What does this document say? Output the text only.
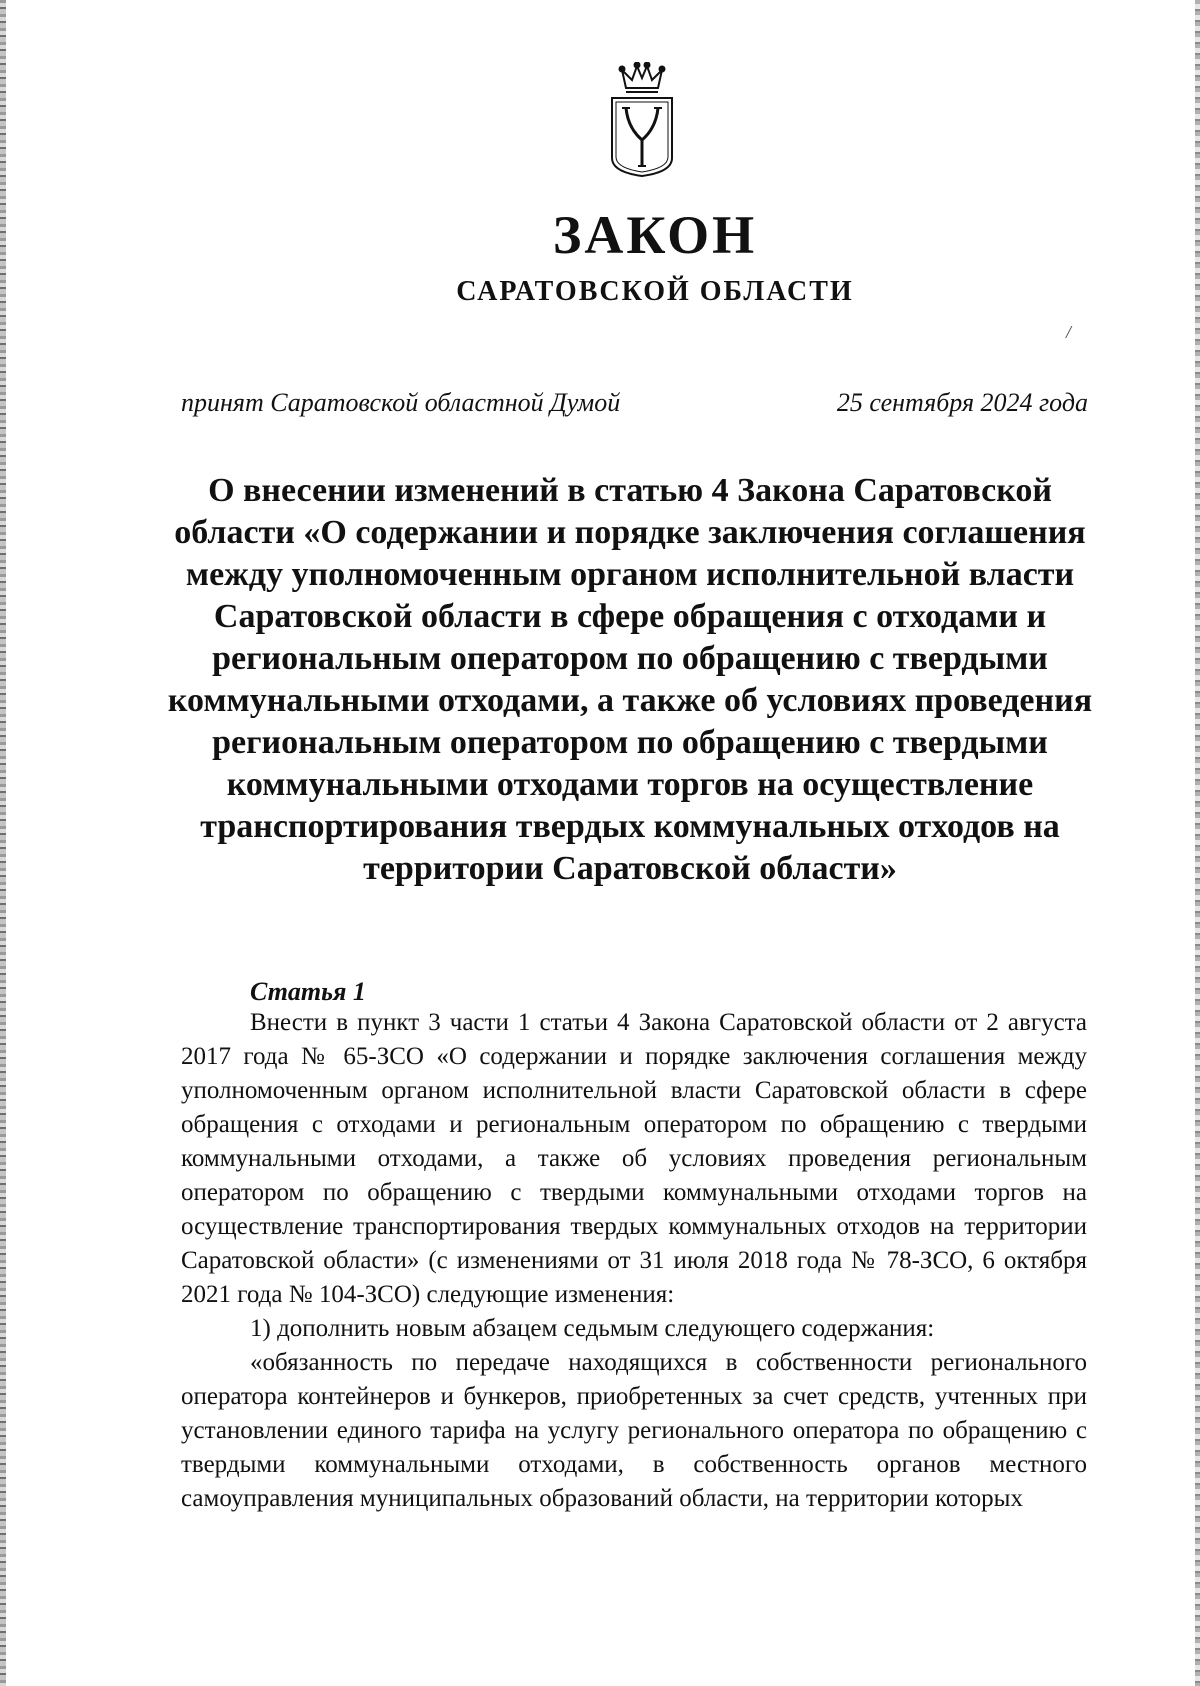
ЗАКОН
САРАТОВСКОЙ ОБЛАСТИ
/
принят Саратовской областной Думой	25 сентября 2024 года
О внесении изменений в статью 4 Закона Саратовской области «О содержании и порядке заключения соглашения между уполномоченным органом исполнительной власти Саратовской области в сфере обращения с отходами и региональным оператором по обращению с твердыми коммунальными отходами, а также об условиях проведения региональным оператором по обращению с твердыми коммунальными отходами торгов на осуществление транспортирования твердых коммунальных отходов на территории Саратовской области»
Статья 1

Внести в пункт 3 части 1 статьи 4 Закона Саратовской области от 2 августа 2017 года № 65-ЗСО «О содержании и порядке заключения соглашения между уполномоченным органом исполнительной власти Саратовской области в сфере обращения с отходами и региональным оператором по обращению с твердыми коммунальными отходами, а также об условиях проведения региональным оператором по обращению с твердыми коммунальными отходами торгов на осуществление транспортирования твердых коммунальных отходов на территории Саратовской области» (с изменениями от 31 июля 2018 года № 78-ЗСО, 6 октября 2021 года № 104-ЗСО) следующие изменения:

1) дополнить новым абзацем седьмым следующего содержания:

«обязанность по передаче находящихся в собственности регионального оператора контейнеров и бункеров, приобретенных за счет средств, учтенных при установлении единого тарифа на услугу регионального оператора по обращению с твердыми коммунальными отходами, в собственность органов местного самоуправления муниципальных образований области, на территории которых
